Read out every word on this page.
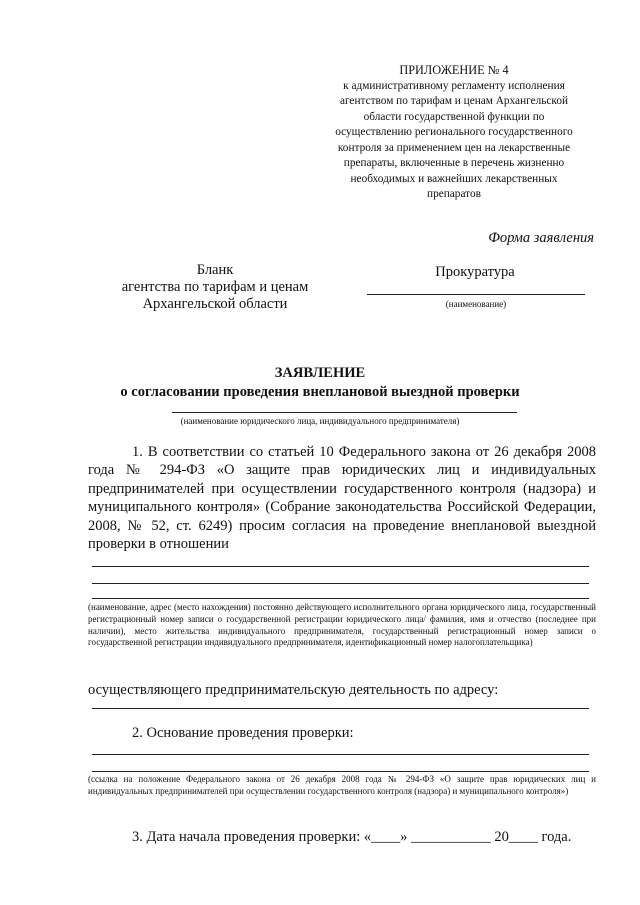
ПРИЛОЖЕНИЕ № 4
к административному регламенту исполнения
агентством по тарифам и ценам Архангельской
области государственной функции по
осуществлению регионального государственного
контроля за применением цен на лекарственные
препараты, включенные в перечень жизненно
необходимых и важнейших лекарственных
препаратов
Форма заявления
Бланк
агентства по тарифам и ценам
Архангельской области
Прокуратура
(наименование)
ЗАЯВЛЕНИЕ
о согласовании проведения внеплановой выездной проверки
(наименование юридического лица, индивидуального предпринимателя)
1. В соответствии со статьей 10 Федерального закона от 26 декабря 2008 года № 294-ФЗ «О защите прав юридических лиц и индивидуальных предпринимателей при осуществлении государственного контроля (надзора) и муниципального контроля» (Собрание законодательства Российской Федерации, 2008, № 52, ст. 6249) просим согласия на проведение внеплановой выездной проверки в отношении
(наименование, адрес (место нахождения) постоянно действующего исполнительного органа юридического лица, государственный регистрационный номер записи о государственной регистрации юридического лица/ фамилия, имя и отчество (последнее при наличии), место жительства индивидуального предпринимателя, государственный регистрационный номер записи о государственной регистрации индивидуального предпринимателя, идентификационный номер налогоплательщика)
осуществляющего предпринимательскую деятельность по адресу:
2. Основание проведения проверки:
(ссылка на положение Федерального закона от 26 декабря 2008 года № 294-ФЗ «О защите прав юридических лиц и индивидуальных предпринимателей при осуществлении государственного контроля (надзора) и муниципального контроля»)
3. Дата начала проведения проверки: «____» ___________ 20____ года.
